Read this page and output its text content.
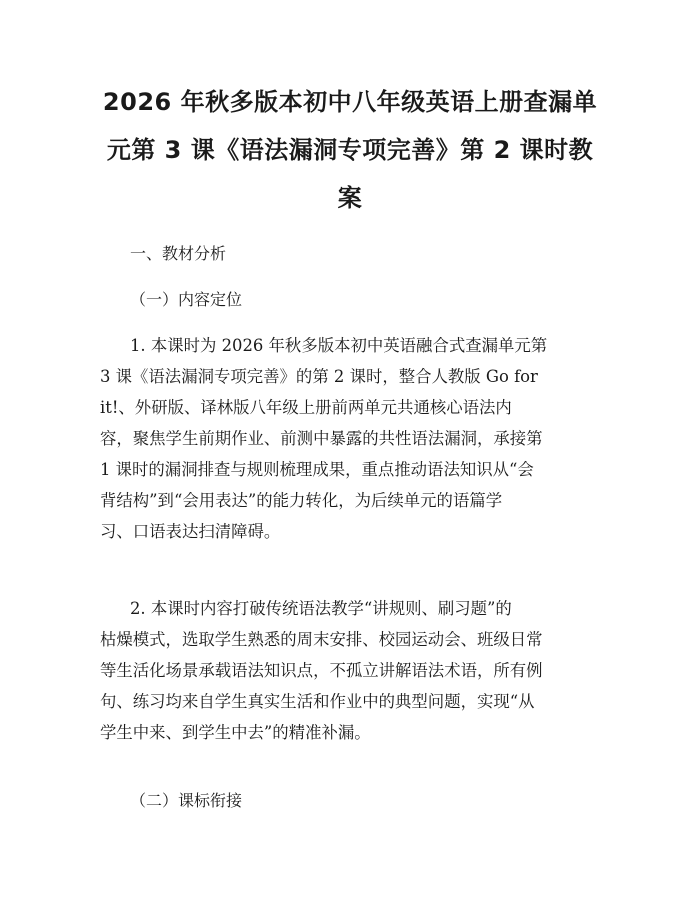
2026 年秋多版本初中八年级英语上册查漏单
元第 3 课《语法漏洞专项完善》第 2 课时教
案

一、教材分析

（一）内容定位

1. 本课时为 2026 年秋多版本初中英语融合式查漏单元第
3 课《语法漏洞专项完善》的第 2 课时，整合人教版 Go for
it!、外研版、译林版八年级上册前两单元共通核心语法内
容，聚焦学生前期作业、前测中暴露的共性语法漏洞，承接第
1 课时的漏洞排查与规则梳理成果，重点推动语法知识从“会
背结构”到“会用表达”的能力转化，为后续单元的语篇学
习、口语表达扫清障碍。
2. 本课时内容打破传统语法教学“讲规则、刷习题”的
枯燥模式，选取学生熟悉的周末安排、校园运动会、班级日常
等生活化场景承载语法知识点，不孤立讲解语法术语，所有例
句、练习均来自学生真实生活和作业中的典型问题，实现“从
学生中来、到学生中去”的精准补漏。

（二）课标衔接
